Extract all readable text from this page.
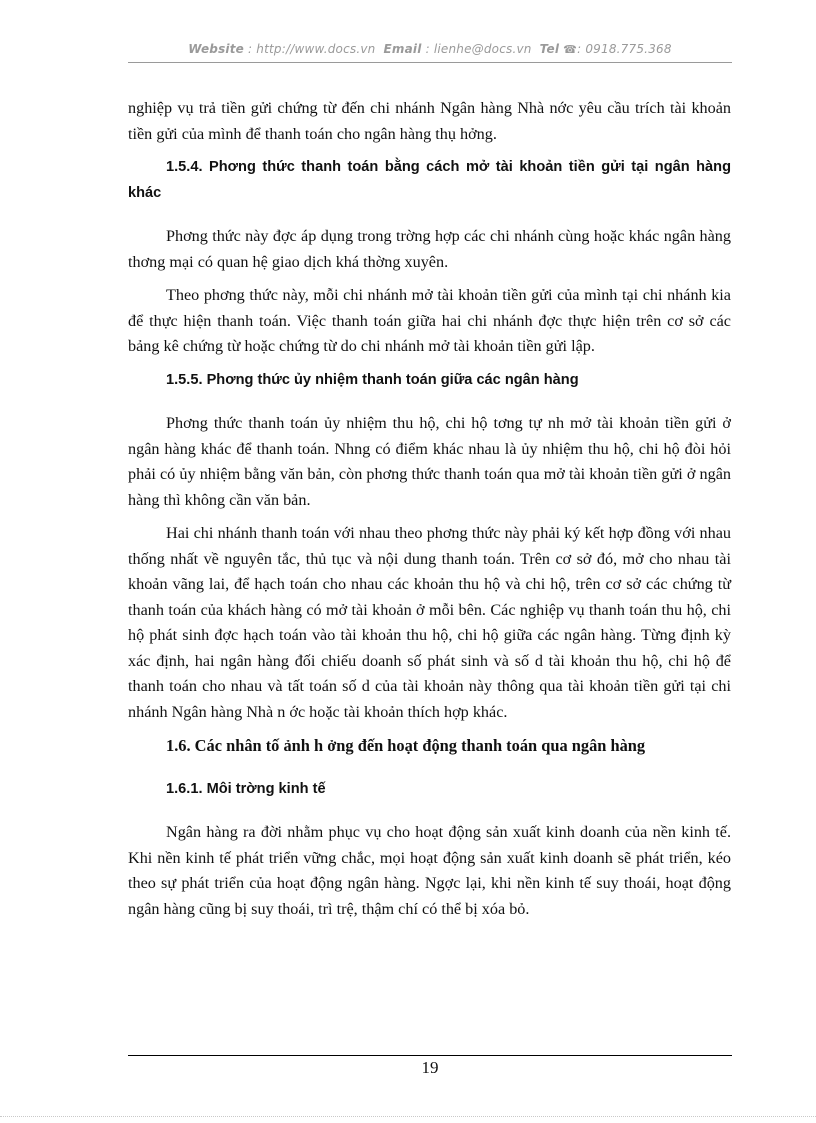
Website : http://www.docs.vn Email : lienhe@docs.vn Tel ☎: 0918.775.368

nghiệp vụ trả tiền gửi chứng từ đến chi nhánh Ngân hàng Nhà nớc yêu cầu trích tài khoản tiền gửi của mình để thanh toán cho ngân hàng thụ hởng.

1.5.4. Phơng thức thanh toán bằng cách mở tài khoản tiền gửi tại ngân hàng khác

Phơng thức này đợc áp dụng trong trờng hợp các chi nhánh cùng hoặc khác ngân hàng thơng mại có quan hệ giao dịch khá thờng xuyên.

Theo phơng thức này, mỗi chi nhánh mở tài khoản tiền gửi của mình tại chi nhánh kia để thực hiện thanh toán. Việc thanh toán giữa hai chi nhánh đợc thực hiện trên cơ sở các bảng kê chứng từ hoặc chứng từ do chi nhánh mở tài khoản tiền gửi lập.

1.5.5. Phơng thức ủy nhiệm thanh toán giữa các ngân hàng

Phơng thức thanh toán ủy nhiệm thu hộ, chi hộ tơng tự nh mở tài khoản tiền gửi ở ngân hàng khác để thanh toán. Nhng có điểm khác nhau là ủy nhiệm thu hộ, chi hộ đòi hỏi phải có ủy nhiệm bằng văn bản, còn phơng thức thanh toán qua mở tài khoản tiền gửi ở ngân hàng thì không cần văn bản.

Hai chi nhánh thanh toán với nhau theo phơng thức này phải ký kết hợp đồng với nhau thống nhất về nguyên tắc, thủ tục và nội dung thanh toán. Trên cơ sở đó, mở cho nhau tài khoản vãng lai, để hạch toán cho nhau các khoản thu hộ và chi hộ, trên cơ sở các chứng từ thanh toán của khách hàng có mở tài khoản ở mỗi bên. Các nghiệp vụ thanh toán thu hộ, chi hộ phát sinh đợc hạch toán vào tài khoản thu hộ, chi hộ giữa các ngân hàng. Từng định kỳ xác định, hai ngân hàng đối chiếu doanh số phát sinh và số d tài khoản thu hộ, chi hộ để thanh toán cho nhau và tất toán số d của tài khoản này thông qua tài khoản tiền gửi tại chi nhánh Ngân hàng Nhà n ớc hoặc tài khoản thích hợp khác.

1.6. Các nhân tố ảnh h ởng đến hoạt động thanh toán qua ngân hàng
1.6.1. Môi trờng kinh tế

Ngân hàng ra đời nhằm phục vụ cho hoạt động sản xuất kinh doanh của nền kinh tế. Khi nền kinh tế phát triển vững chắc, mọi hoạt động sản xuất kinh doanh sẽ phát triển, kéo theo sự phát triển của hoạt động ngân hàng. Ngợc lại, khi nền kinh tế suy thoái, hoạt động ngân hàng cũng bị suy thoái, trì trệ, thậm chí có thể bị xóa bỏ.

19
